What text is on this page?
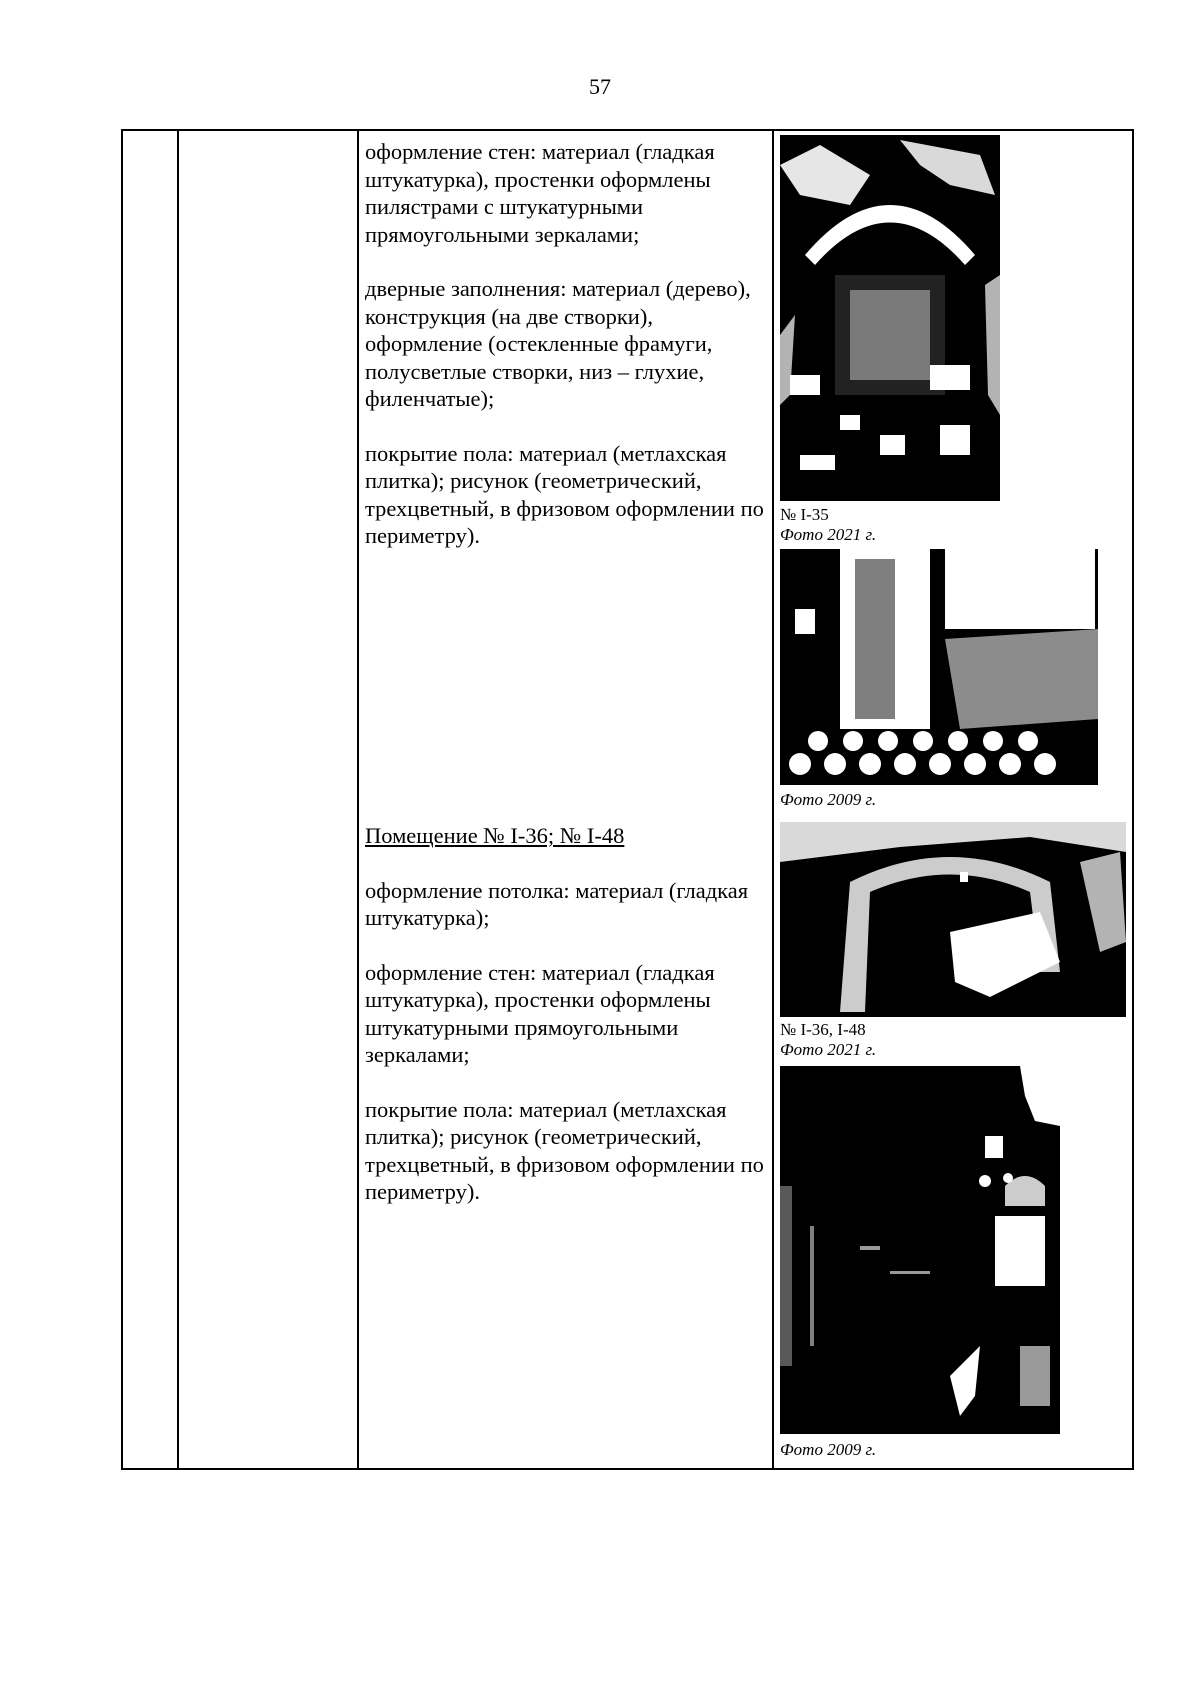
57

оформление стен: материал (гладкая штукатурка), простенки оформлены пилястрами с штукатурными прямоугольными зеркалами;

дверные заполнения: материал (дерево), конструкция (на две створки), оформление (остекленные фрамуги, полусветлые створки, низ – глухие, филенчатые);

покрытие пола: материал (метлахская плитка); рисунок (геометрический, трехцветный, в фризовом оформлении по периметру).

Помещение № I-36; № I-48

оформление потолка: материал (гладкая штукатурка);

оформление стен: материал (гладкая штукатурка), простенки оформлены штукатурными прямоугольными зеркалами;

покрытие пола: материал (метлахская плитка); рисунок (геометрический, трехцветный, в фризовом оформлении по периметру).

№ I-35
Фото 2021 г.
Фото 2009 г.
№ I-36, I-48
Фото 2021 г.
Фото 2009 г.
